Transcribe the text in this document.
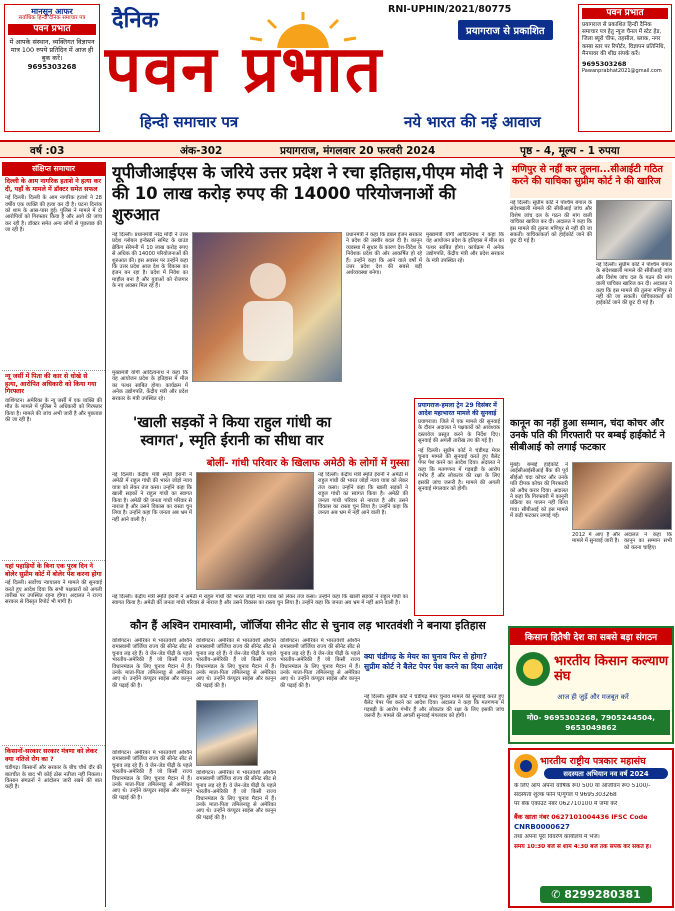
मानसून आफर
सर्वाधिक हिन्दी दैनिक समाचार पत्र
पवन प्रभात
में आपके संस्थान, व्यक्तिगत विज्ञापन मात्र 100 रुपये प्रतिदिन में आज ही बुक करें।
9695303268
दैनिक	RNI-UPHIN/2021/80775
प्रयागराज से प्रकाशित
पवन प्रभात
हिन्दी समाचार पत्र	नये भारत की नई आवाज
पवन प्रभात
प्रयागराज से प्रकाशित हिन्दी दैनिक समाचार पत्र हेतु न्यूज चैनल में स्टेट हेड, जिला ब्यूरो चीफ, तहसील, ब्लाक, नगर कस्बा स्तर पर रिपोर्टर, विज्ञापन प्रतिनिधि, मैनपावर की शीघ्र संपर्क करें।
9695303268
Pawanprabhat2021@gmail.com
वर्ष :03	अंक-302	प्रयागराज, मंगलवार 20 फरवरी 2024	पृष्ठ - 4, मूल्य - 1 रुपया
संक्षिप्त समाचार
दिल्ली के आम नागरिक हताशे ने हत्या कर दी, यहाँ के मामले में डॉक्टर समेत सफल
नई दिल्ली। दिल्ली के आम नागरिक हताशे ने 28 वर्षीय एक व्यक्ति की हत्या कर दी है। घटना दिनांक को शाम के आस-पास हुई। पुलिस ने मामले में दो आरोपियों को गिरफ्तार किया है और आगे की जांच कर रही है। डॉक्टर समेत अन्य लोगों से पूछताछ की जा रही है।
न्यू जर्सी में पिता की कार से धोखे से हत्या, आरोपित अधिकारी को किया गया गिरफ्तार
वाशिंगटन। अमेरिका के न्यू जर्सी में एक व्यक्ति की मौत के मामले में पुलिस ने अधिकारी को गिरफ्तार किया है। मामले की जांच अभी जारी है और पूछताछ की जा रही है।
यहां पहाड़ियों के बिना एक पूरब दिन ने बोलेर सुप्रीम कोर्ट में बोलेर पेश करना होगा
नई दिल्ली। सर्वोच्च न्यायालय ने मामले की सुनवाई करते हुए आदेश दिया कि सभी पक्षकारों को अगली तारीख पर उपस्थित रहना होगा। अदालत ने राज्य सरकार से विस्तृत रिपोर्ट भी मांगी है।
किसानों-सरकार सरकार मंत्रणा को लेकर क्या नतिजे रोग का ?
चंडीगढ़। किसानों और सरकार के बीच चौथे दौर की बातचीत के बाद भी कोई ठोस नतीजा नहीं निकला। किसान संगठनों ने आंदोलन जारी रखने की बात कही है।
यूपीजीआईएस के जरिये उत्तर प्रदेश ने रचा इतिहास,पीएम मोदी ने की 10 लाख करोड़ रुपए की 14000 परियोजनाओं की शुरुआत
नई दिल्ली। प्रधानमंत्री नरेंद्र मोदी ने उत्तर प्रदेश ग्लोबल इन्वेस्टर्स समिट के ग्राउंड ब्रेकिंग सेरेमनी में 10 लाख करोड़ रुपए से अधिक की 14000 परियोजनाओं की शुरुआत की। इस अवसर पर उन्होंने कहा कि उत्तर प्रदेश आज देश के विकास का इंजन बन रहा है। प्रदेश में निवेश का माहौल बना है और युवाओं को रोजगार के नए अवसर मिल रहे हैं।
प्रधानमंत्री ने कहा कि डबल इंजन सरकार ने प्रदेश की तस्वीर बदल दी है। कानून व्यवस्था में सुधार के कारण देश-विदेश के निवेशक प्रदेश की ओर आकर्षित हो रहे हैं। उन्होंने कहा कि आने वाले वर्षों में उत्तर प्रदेश देश की सबसे बड़ी अर्थव्यवस्था बनेगा।
मुख्यमंत्री योगी आदित्यनाथ ने कहा कि यह आयोजन प्रदेश के इतिहास में मील का पत्थर साबित होगा। कार्यक्रम में अनेक उद्योगपति, केंद्रीय मंत्री और प्रदेश सरकार के मंत्री उपस्थित रहे।
मुख्यमंत्री योगी आदित्यनाथ ने कहा कि यह आयोजन प्रदेश के इतिहास में मील का पत्थर साबित होगा। कार्यक्रम में अनेक उद्योगपति, केंद्रीय मंत्री और प्रदेश सरकार के मंत्री उपस्थित रहे।
'खाली सड़कों ने किया राहुल गांधी का स्वागत', स्मृति ईरानी का सीधा वार
बोलीं- गांधी परिवार के खिलाफ अमेठी के लोगों में गुस्सा
नई दिल्ली। केंद्रीय मंत्री स्मृति ईरानी ने अमेठी में राहुल गांधी की भारत जोड़ो न्याय यात्रा को लेकर तंज कसा। उन्होंने कहा कि खाली सड़कों ने राहुल गांधी का स्वागत किया है। अमेठी की जनता गांधी परिवार से नाराज है और उसने विकास का रास्ता चुन लिया है। उन्होंने कहा कि जनता अब भ्रम में नहीं आने वाली है।
नई दिल्ली। केंद्रीय मंत्री स्मृति ईरानी ने अमेठी में राहुल गांधी की भारत जोड़ो न्याय यात्रा को लेकर तंज कसा। उन्होंने कहा कि खाली सड़कों ने राहुल गांधी का स्वागत किया है। अमेठी की जनता गांधी परिवार से नाराज है और उसने विकास का रास्ता चुन लिया है। उन्होंने कहा कि जनता अब भ्रम में नहीं आने वाली है।
नई दिल्ली। केंद्रीय मंत्री स्मृति ईरानी ने अमेठी में राहुल गांधी की भारत जोड़ो न्याय यात्रा को लेकर तंज कसा। उन्होंने कहा कि खाली सड़कों ने राहुल गांधी का स्वागत किया है। अमेठी की जनता गांधी परिवार से नाराज है और उसने विकास का रास्ता चुन लिया है। उन्होंने कहा कि जनता अब भ्रम में नहीं आने वाली है।
प्रयागराज-हमला ट्रेन 29 दिसंबर में आदेश महाभारत मामले की सुनवाई
प्रयागराज। जिले में एक मामले की सुनवाई के दौरान अदालत ने पक्षकारों को आवश्यक दस्तावेज प्रस्तुत करने के निर्देश दिए। सुनवाई की अगली तारीख तय की गई है।
नई दिल्ली। सुप्रीम कोर्ट ने चंडीगढ़ मेयर चुनाव मामले की सुनवाई करते हुए बैलेट पेपर पेश करने का आदेश दिया। अदालत ने कहा कि मतगणना में गड़बड़ी के आरोप गंभीर हैं और लोकतंत्र की रक्षा के लिए इसकी जांच जरूरी है। मामले की अगली सुनवाई मंगलवार को होगी।
कौन हैं अश्विन रामास्वामी, जॉर्जिया सीनेट सीट से चुनाव लड़ भारतवंशी ने बनाया इतिहास
वाशिंगटन। अमेरिका में भारतवंशी अश्विन रामास्वामी जॉर्जिया राज्य की सीनेट सीट से चुनाव लड़ रहे हैं। वे जेन-जेड पीढ़ी के पहले भारतीय-अमेरिकी हैं जो किसी राज्य विधानमंडल के लिए चुनाव मैदान में हैं। उनके माता-पिता तमिलनाडु से अमेरिका आए थे। उन्होंने कंप्यूटर साइंस और कानून की पढ़ाई की है।
वाशिंगटन। अमेरिका में भारतवंशी अश्विन रामास्वामी जॉर्जिया राज्य की सीनेट सीट से चुनाव लड़ रहे हैं। वे जेन-जेड पीढ़ी के पहले भारतीय-अमेरिकी हैं जो किसी राज्य विधानमंडल के लिए चुनाव मैदान में हैं। उनके माता-पिता तमिलनाडु से अमेरिका आए थे। उन्होंने कंप्यूटर साइंस और कानून की पढ़ाई की है।
वाशिंगटन। अमेरिका में भारतवंशी अश्विन रामास्वामी जॉर्जिया राज्य की सीनेट सीट से चुनाव लड़ रहे हैं। वे जेन-जेड पीढ़ी के पहले भारतीय-अमेरिकी हैं जो किसी राज्य विधानमंडल के लिए चुनाव मैदान में हैं। उनके माता-पिता तमिलनाडु से अमेरिका आए थे। उन्होंने कंप्यूटर साइंस और कानून की पढ़ाई की है।
वाशिंगटन। अमेरिका में भारतवंशी अश्विन रामास्वामी जॉर्जिया राज्य की सीनेट सीट से चुनाव लड़ रहे हैं। वे जेन-जेड पीढ़ी के पहले भारतीय-अमेरिकी हैं जो किसी राज्य विधानमंडल के लिए चुनाव मैदान में हैं। उनके माता-पिता तमिलनाडु से अमेरिका आए थे। उन्होंने कंप्यूटर साइंस और कानून की पढ़ाई की है।
वाशिंगटन। अमेरिका में भारतवंशी अश्विन रामास्वामी जॉर्जिया राज्य की सीनेट सीट से चुनाव लड़ रहे हैं। वे जेन-जेड पीढ़ी के पहले भारतीय-अमेरिकी हैं जो किसी राज्य विधानमंडल के लिए चुनाव मैदान में हैं। उनके माता-पिता तमिलनाडु से अमेरिका आए थे। उन्होंने कंप्यूटर साइंस और कानून की पढ़ाई की है।
क्या चंडीगढ़ के मेयर का चुनाव फिर से होगा? सुप्रीम कोर्ट ने बैलेट पेपर पेश करने का दिया आदेश
नई दिल्ली। सुप्रीम कोर्ट ने चंडीगढ़ मेयर चुनाव मामले की सुनवाई करते हुए बैलेट पेपर पेश करने का आदेश दिया। अदालत ने कहा कि मतगणना में गड़बड़ी के आरोप गंभीर हैं और लोकतंत्र की रक्षा के लिए इसकी जांच जरूरी है। मामले की अगली सुनवाई मंगलवार को होगी।
मणिपुर से नहीं कर तुलना...सीआईटी गठित करने की याचिका सुप्रीम कोर्ट ने की खारिज
नई दिल्ली। सुप्रीम कोर्ट ने पश्चिम बंगाल के संदेशखाली मामले की सीबीआई जांच और विशेष जांच दल के गठन की मांग वाली याचिका खारिज कर दी। अदालत ने कहा कि इस मामले की तुलना मणिपुर से नहीं की जा सकती। याचिकाकर्ता को हाईकोर्ट जाने की छूट दी गई है।
नई दिल्ली। सुप्रीम कोर्ट ने पश्चिम बंगाल के संदेशखाली मामले की सीबीआई जांच और विशेष जांच दल के गठन की मांग वाली याचिका खारिज कर दी। अदालत ने कहा कि इस मामले की तुलना मणिपुर से नहीं की जा सकती। याचिकाकर्ता को हाईकोर्ट जाने की छूट दी गई है।
कानून का नहीं हुआ सम्मान, चंदा कोचर और उनके पति की गिरफ्तारी पर बम्बई हाईकोर्ट ने सीबीआई को लगाई फटकार
मुंबई। बम्बई हाईकोर्ट ने आईसीआईसीआई बैंक की पूर्व सीईओ चंदा कोचर और उनके पति दीपक कोचर की गिरफ्तारी को अवैध करार दिया। अदालत ने कहा कि गिरफ्तारी में कानूनी प्रक्रिया का पालन नहीं किया गया। सीबीआई को इस मामले में कड़ी फटकार लगाई गई।
2012 में आए हैं और मामले में सुनवाई जारी है।
अदालत ने कहा कि कानून का सम्मान सभी को करना चाहिए।
किसान हितैषी देश का सबसे बड़ा संगठन
भारतीय किसान कल्याण संघ
आज ही जुड़ें और मजबूत करें
मो0- 9695303268, 7905244504, 9653049862
भारतीय राष्ट्रीय पत्रकार महासंघ
सदस्यता अभियान नव वर्ष 2024
के लिए आप अपना वार्षिक रू0 500 या आजीवन रू0 5100/-
सदस्यता शुल्क फोन पे/गूगल पे 9695303268
पर बैंक एकाउंट नंबर 062710100 में जमा करें
बैंक खाता नंबर 0627101004436 IFSC Code
CNRB0000627
तथा अपना पूरा विवरण कार्यालय में भेजें।
समय 10:30 बजे से शाम 4:30 बजे तक संपर्क कर सकते हैं।
✆ 8299280381
